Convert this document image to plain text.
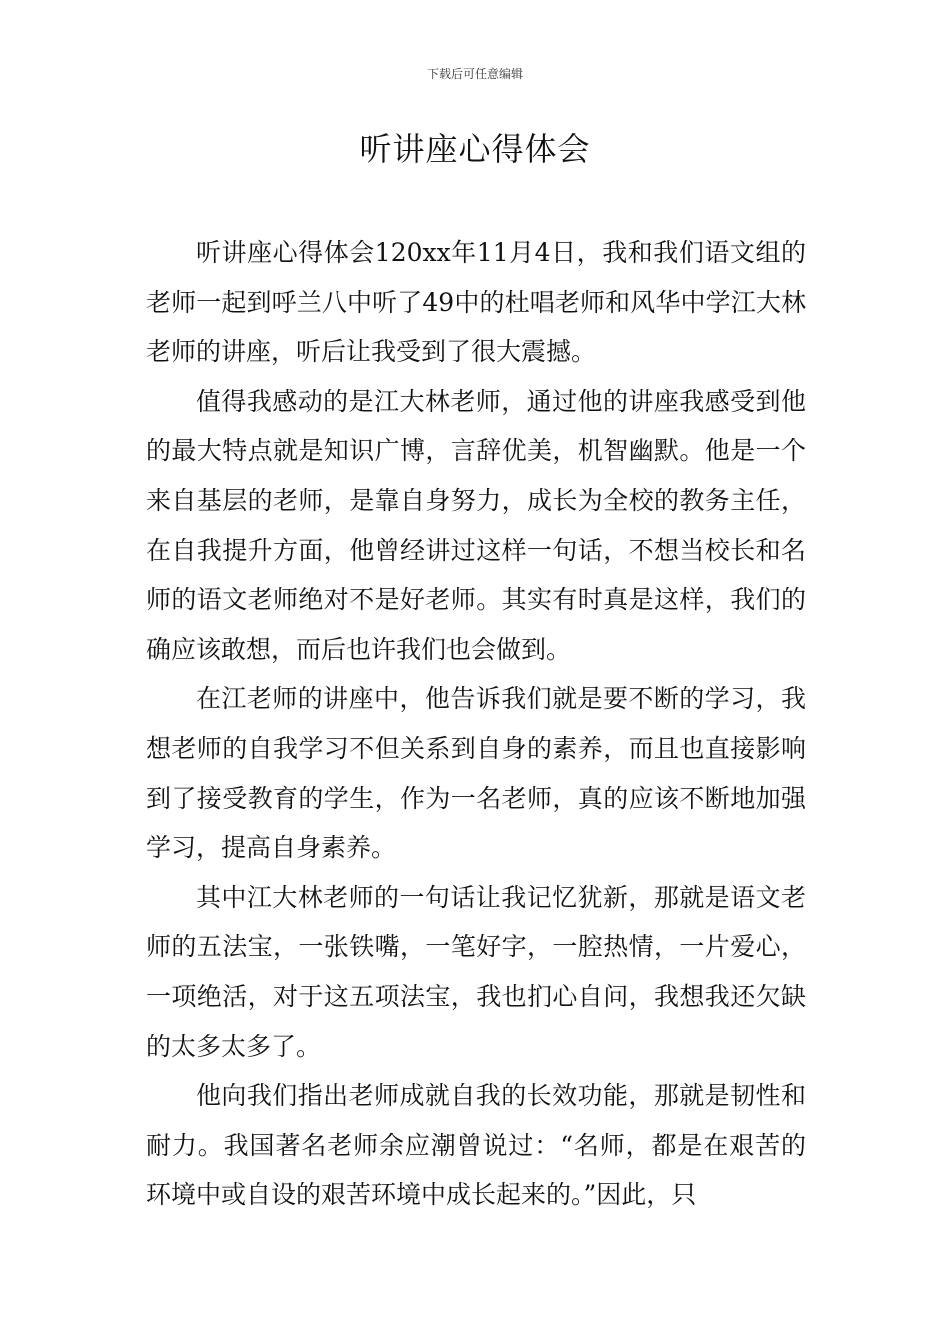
下载后可任意编辑
听讲座心得体会

听讲座心得体会120xx年11月4日，我和我们语文组的老师一起到呼兰八中听了49中的杜唱老师和风华中学江大林老师的讲座，听后让我受到了很大震撼。

值得我感动的是江大林老师，通过他的讲座我感受到他的最大特点就是知识广博，言辞优美，机智幽默。他是一个来自基层的老师，是靠自身努力，成长为全校的教务主任，在自我提升方面，他曾经讲过这样一句话，不想当校长和名师的语文老师绝对不是好老师。其实有时真是这样，我们的确应该敢想，而后也许我们也会做到。

在江老师的讲座中，他告诉我们就是要不断的学习，我想老师的自我学习不但关系到自身的素养，而且也直接影响到了接受教育的学生，作为一名老师，真的应该不断地加强学习，提高自身素养。

其中江大林老师的一句话让我记忆犹新，那就是语文老师的五法宝，一张铁嘴，一笔好字，一腔热情，一片爱心，一项绝活，对于这五项法宝，我也扪心自问，我想我还欠缺的太多太多了。

他向我们指出老师成就自我的长效功能，那就是韧性和耐力。我国著名老师余应潮曾说过：“名师，都是在艰苦的环境中或自设的艰苦环境中成长起来的。”因此，只
